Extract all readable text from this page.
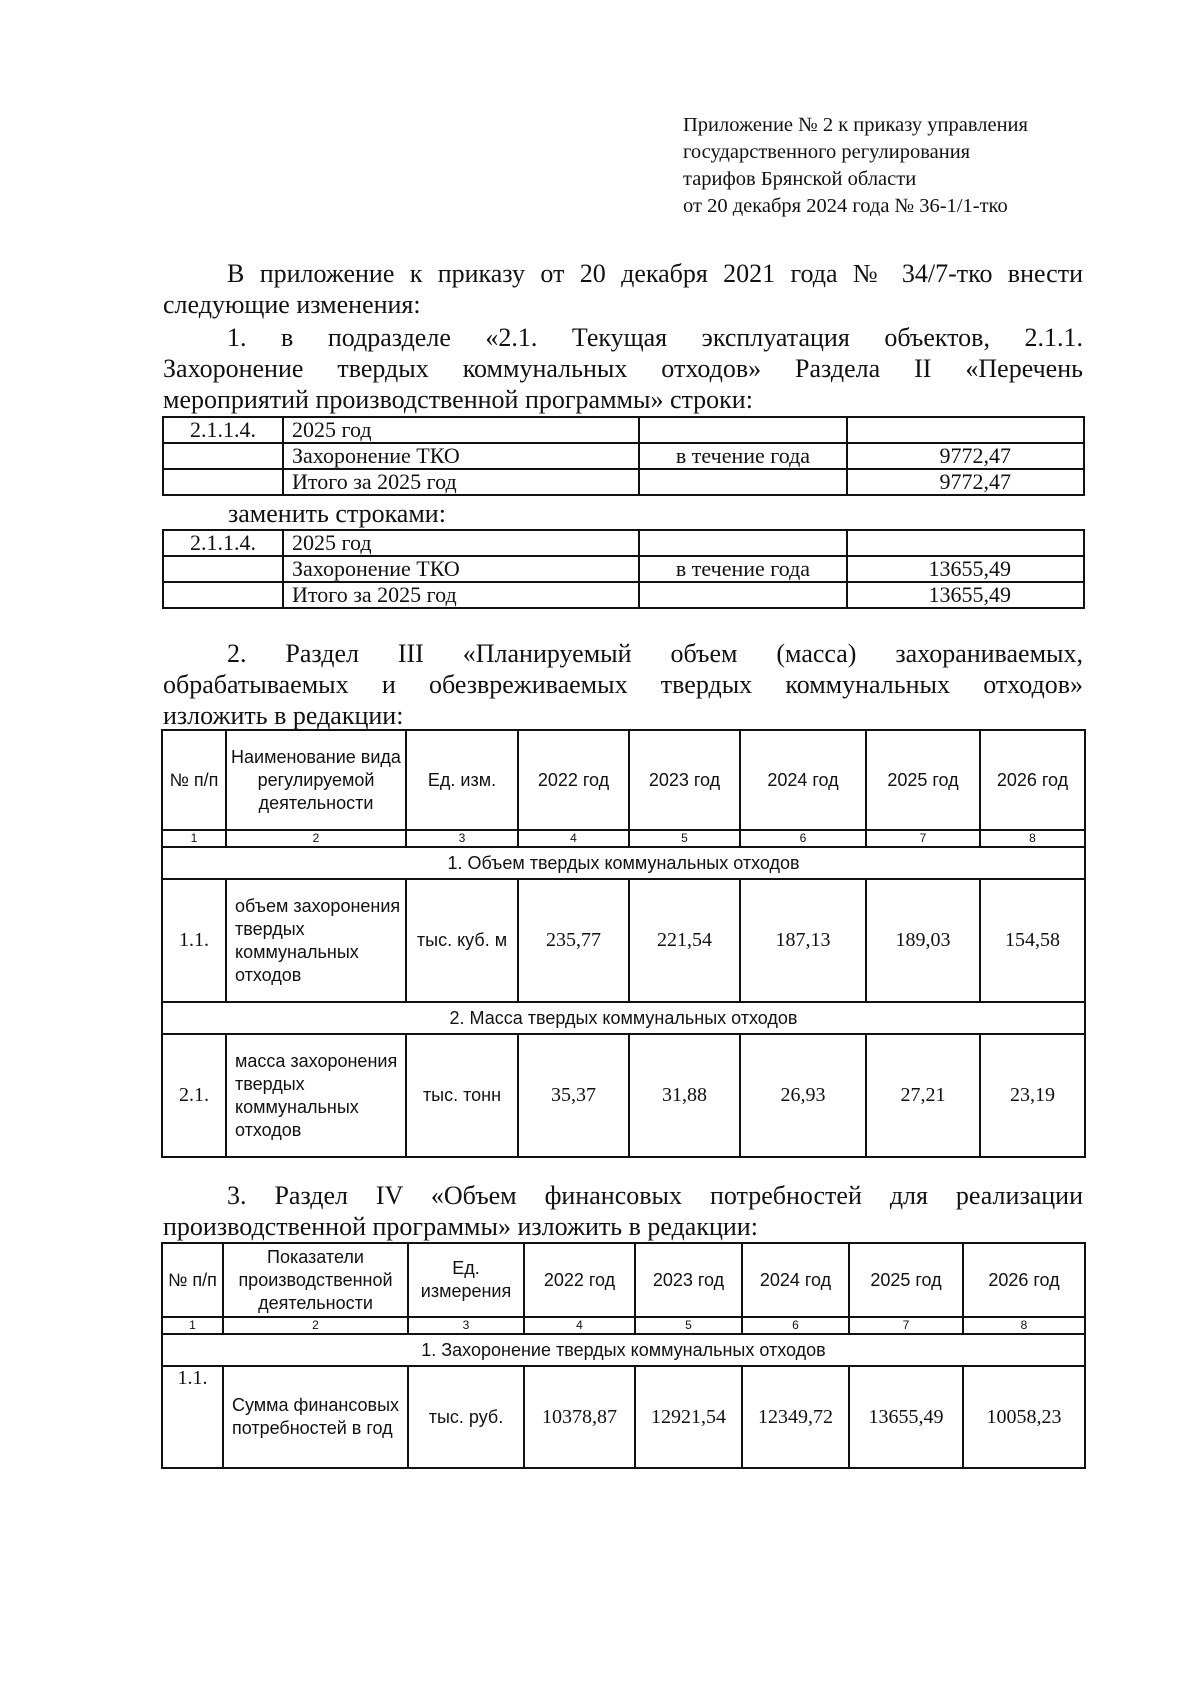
Приложение № 2 к приказу управления
государственного регулирования
тарифов Брянской области
от 20 декабря 2024 года № 36-1/1-тко
В приложение к приказу от 20 декабря 2021 года № 34/7-тко внести
следующие изменения:
1. в подразделе «2.1. Текущая эксплуатация объектов, 2.1.1.
Захоронение твердых коммунальных отходов» Раздела II «Перечень
мероприятий производственной программы» строки:
2.1.1.4.	2025 год		
	Захоронение ТКО	в течение года	9772,47
	Итого за 2025 год		9772,47
заменить строками:
2.1.1.4.	2025 год		
	Захоронение ТКО	в течение года	13655,49
	Итого за 2025 год		13655,49
2. Раздел III «Планируемый объем (масса) захораниваемых,
обрабатываемых и обезвреживаемых твердых коммунальных отходов»
изложить в редакции:
№ п/п	Наименование вида регулируемой деятельности	Ед. изм.	2022 год	2023 год	2024 год	2025 год	2026 год
1	2	3	4	5	6	7	8
1. Объем твердых коммунальных отходов							
1.1.	объем захоронения твердых коммунальных отходов	тыс. куб. м	235,77	221,54	187,13	189,03	154,58
2. Масса твердых коммунальных отходов							
2.1.	масса захоронения твердых коммунальных отходов	тыс. тонн	35,37	31,88	26,93	27,21	23,19
3. Раздел IV «Объем финансовых потребностей для реализации
производственной программы» изложить в редакции:
№ п/п	Показатели производственной деятельности	Ед. измерения	2022 год	2023 год	2024 год	2025 год	2026 год
1	2	3	4	5	6	7	8
1. Захоронение твердых коммунальных отходов							
1.1.	Сумма финансовых потребностей в год	тыс. руб.	10378,87	12921,54	12349,72	13655,49	10058,23
